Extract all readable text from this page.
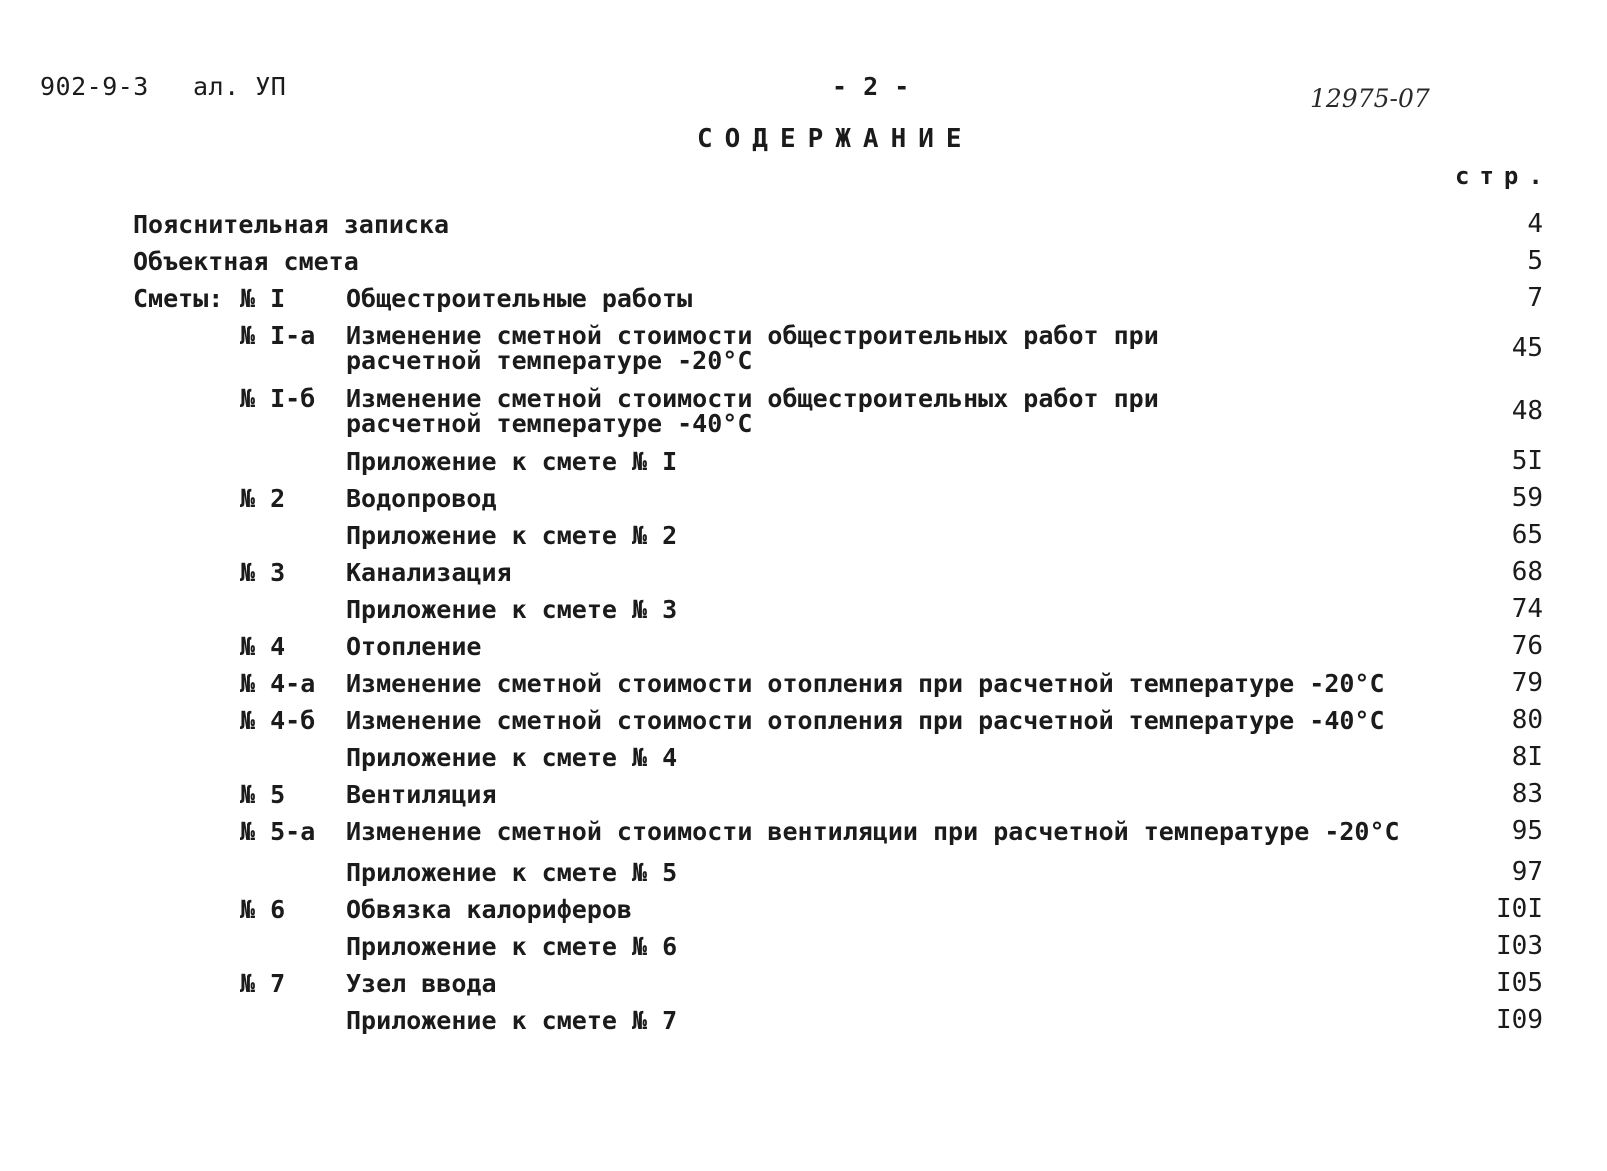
902-9-3 ал. УП	- 2 -	12975-07
СОДЕРЖАНИЕ
стр.
Пояснительная записка	4
Объектная смета	5
Сметы: № I Общестроительные работы	7
№ I-а Изменение сметной стоимости общестроительных работ при
расчетной температуре -20°С	45
№ I-б Изменение сметной стоимости общестроительных работ при
расчетной температуре -40°С	48
Приложение к смете № I	5I
№ 2 Водопровод	59
Приложение к смете № 2	65
№ 3 Канализация	68
Приложение к смете № 3	74
№ 4 Отопление	76
№ 4-а Изменение сметной стоимости отопления при расчетной температуре -20°С	79
№ 4-б Изменение сметной стоимости отопления при расчетной температуре -40°С	80
Приложение к смете № 4	8I
№ 5 Вентиляция	83
№ 5-а Изменение сметной стоимости вентиляции при расчетной температуре -20°С	95
Приложение к смете № 5	97
№ 6 Обвязка калориферов	I0I
Приложение к смете № 6	I03
№ 7 Узел ввода	I05
Приложение к смете № 7	I09
